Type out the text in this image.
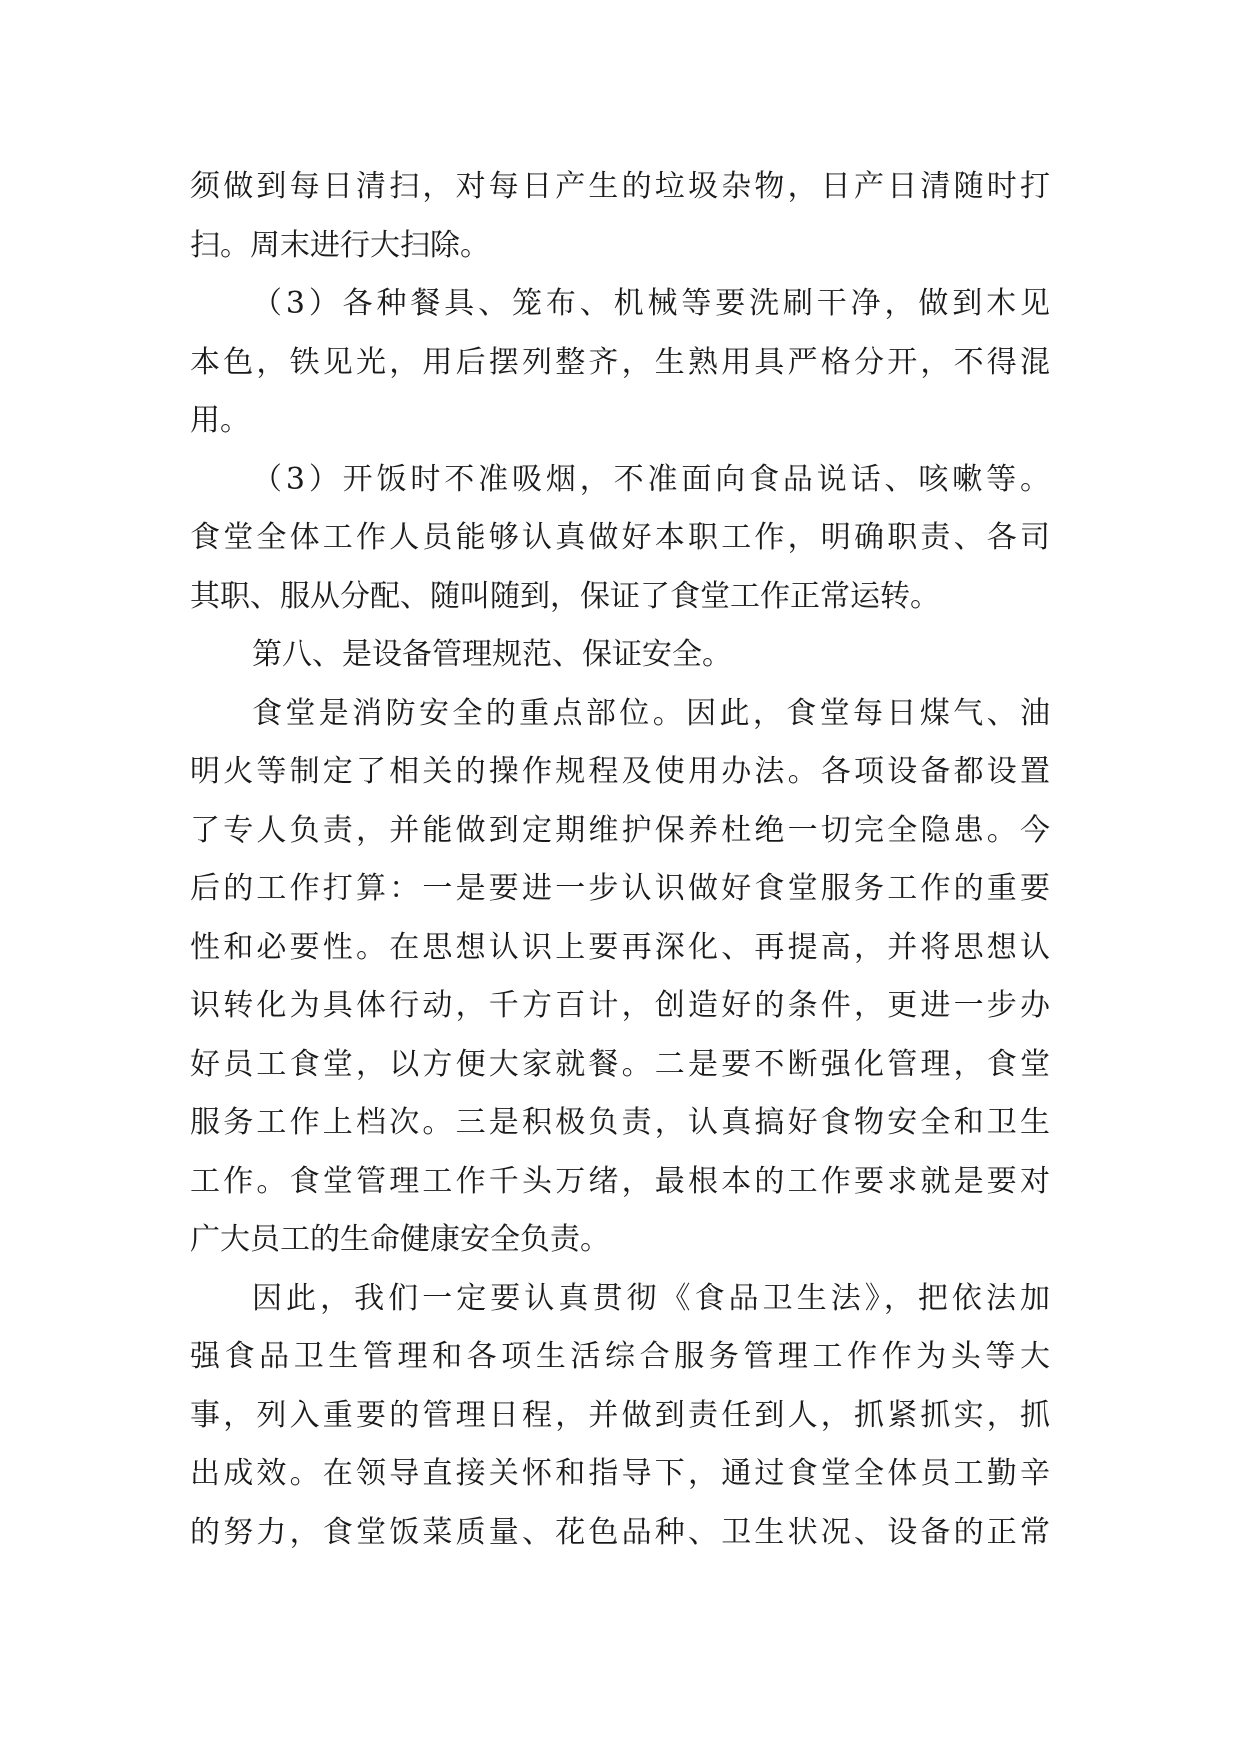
须做到每日清扫，对每日产生的垃圾杂物，日产日清随时打
扫。周末进行大扫除。
（3）各种餐具、笼布、机械等要洗刷干净，做到木见
本色，铁见光，用后摆列整齐，生熟用具严格分开，不得混
用。
（3）开饭时不准吸烟，不准面向食品说话、咳嗽等。
食堂全体工作人员能够认真做好本职工作，明确职责、各司
其职、服从分配、随叫随到，保证了食堂工作正常运转。
第八、是设备管理规范、保证安全。
食堂是消防安全的重点部位。因此，食堂每日煤气、油
明火等制定了相关的操作规程及使用办法。各项设备都设置
了专人负责，并能做到定期维护保养杜绝一切完全隐患。今
后的工作打算：一是要进一步认识做好食堂服务工作的重要
性和必要性。在思想认识上要再深化、再提高，并将思想认
识转化为具体行动，千方百计，创造好的条件，更进一步办
好员工食堂，以方便大家就餐。二是要不断强化管理，食堂
服务工作上档次。三是积极负责，认真搞好食物安全和卫生
工作。食堂管理工作千头万绪，最根本的工作要求就是要对
广大员工的生命健康安全负责。
因此，我们一定要认真贯彻《食品卫生法》，把依法加
强食品卫生管理和各项生活综合服务管理工作作为头等大
事，列入重要的管理日程，并做到责任到人，抓紧抓实，抓
出成效。在领导直接关怀和指导下，通过食堂全体员工勤辛
的努力，食堂饭菜质量、花色品种、卫生状况、设备的正常
